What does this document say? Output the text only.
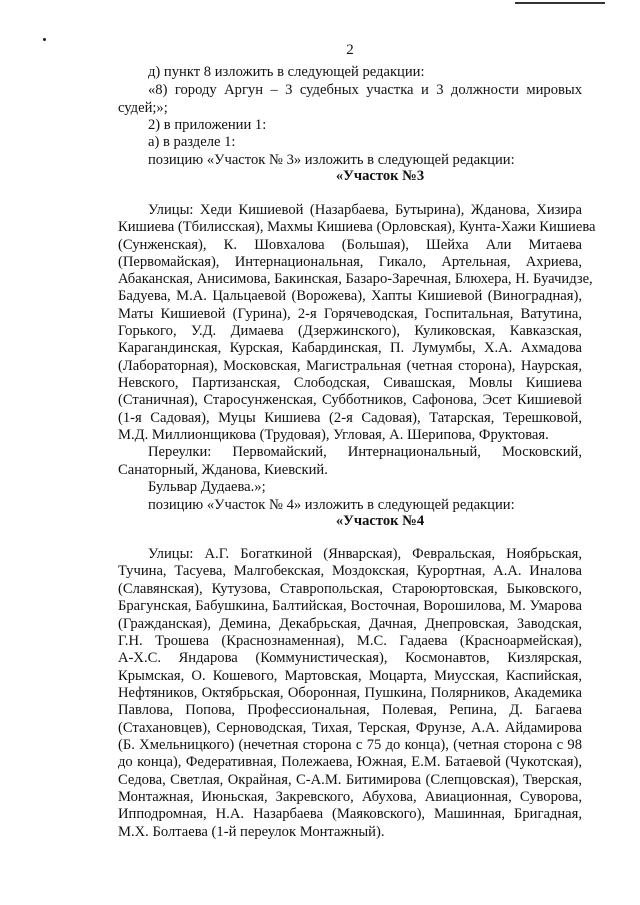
2
д) пункт 8 изложить в следующей редакции:
«8) городу Аргун – 3 судебных участка и 3 должности мировых
судей;»;
2) в приложении 1:
а) в разделе 1:
позицию «Участок № 3» изложить в следующей редакции:
«Участок №3
Улицы: Хеди Кишиевой (Назарбаева, Бутырина), Жданова, Хизира
Кишиева (Тбилисская), Махмы Кишиева (Орловская), Кунта-Хажи Кишиева
(Сунженская), К. Шовхалова (Большая), Шейха Али Митаева
(Первомайская), Интернациональная, Гикало, Артельная, Ахриева,
Абаканская, Анисимова, Бакинская, Базаро-Заречная, Блюхера, Н. Буачидзе,
Бадуева, М.А. Цальцаевой (Ворожева), Хапты Кишиевой (Виноградная),
Маты Кишиевой (Гурина), 2-я Горячеводская, Госпитальная, Ватутина,
Горького, У.Д. Димаева (Дзержинского), Куликовская, Кавказская,
Карагандинская, Курская, Кабардинская, П. Лумумбы, Х.А. Ахмадова
(Лабораторная), Московская, Магистральная (четная сторона), Наурская,
Невского, Партизанская, Слободская, Сивашская, Мовлы Кишиева
(Станичная), Старосунженская, Субботников, Сафонова, Эсет Кишиевой
(1-я Садовая), Муцы Кишиева (2-я Садовая), Татарская, Терешковой,
М.Д. Миллионщикова (Трудовая), Угловая, А. Шерипова, Фруктовая.
Переулки: Первомайский, Интернациональный, Московский,
Санаторный, Жданова, Киевский.
Бульвар Дудаева.»;
позицию «Участок № 4» изложить в следующей редакции:
«Участок №4
Улицы: А.Г. Богаткиной (Январская), Февральская, Ноябрьская,
Тучина, Тасуева, Малгобекская, Моздокская, Курортная, А.А. Иналова
(Славянская), Кутузова, Ставропольская, Староюртовская, Быковского,
Брагунская, Бабушкина, Балтийская, Восточная, Ворошилова, М. Умарова
(Гражданская), Демина, Декабрьская, Дачная, Днепровская, Заводская,
Г.Н. Трошева (Краснознаменная), М.С. Гадаева (Красноармейская),
А-Х.С. Яндарова (Коммунистическая), Космонавтов, Кизлярская,
Крымская, О. Кошевого, Мартовская, Моцарта, Миусская, Каспийская,
Нефтяников, Октябрьская, Оборонная, Пушкина, Полярников, Академика
Павлова, Попова, Профессиональная, Полевая, Репина, Д. Багаева
(Стахановцев), Серноводская, Тихая, Терская, Фрунзе, А.А. Айдамирова
(Б. Хмельницкого) (нечетная сторона с 75 до конца), (четная сторона с 98
до конца), Федеративная, Полежаева, Южная, Е.М. Батаевой (Чукотская),
Седова, Светлая, Окрайная, С-А.М. Битимирова (Слепцовская), Тверская,
Монтажная, Июньская, Закревского, Абухова, Авиационная, Суворова,
Ипподромная, Н.А. Назарбаева (Маяковского), Машинная, Бригадная,
М.Х. Болтаева (1-й переулок Монтажный).
